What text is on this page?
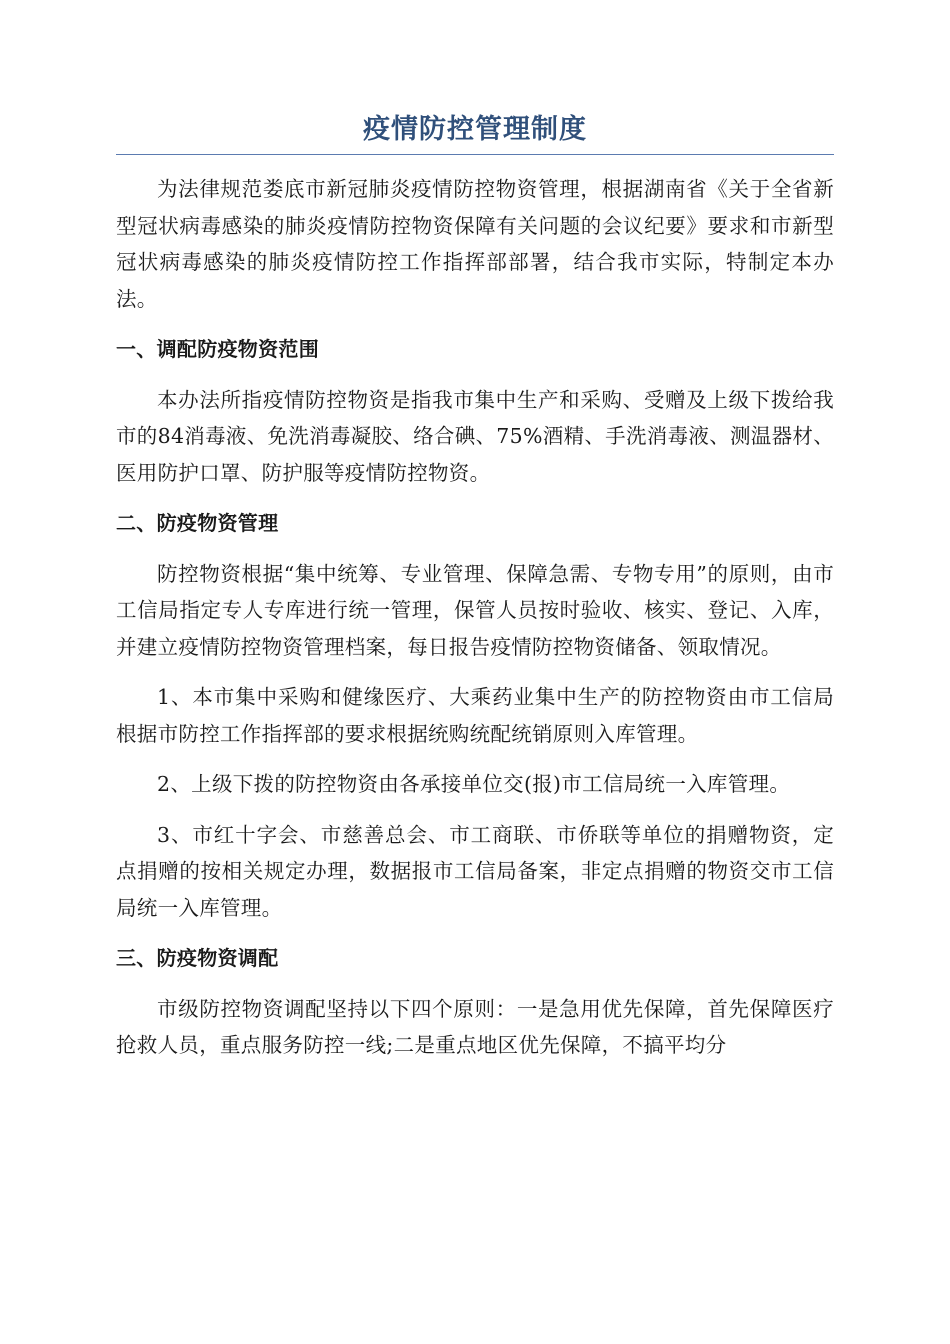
疫情防控管理制度

为法律规范娄底市新冠肺炎疫情防控物资管理，根据湖南省《关于全省新型冠状病毒感染的肺炎疫情防控物资保障有关问题的会议纪要》要求和市新型冠状病毒感染的肺炎疫情防控工作指挥部部署，结合我市实际，特制定本办法。

一、调配防疫物资范围

本办法所指疫情防控物资是指我市集中生产和采购、受赠及上级下拨给我市的84消毒液、免洗消毒凝胶、络合碘、75%酒精、手洗消毒液、测温器材、医用防护口罩、防护服等疫情防控物资。

二、防疫物资管理

防控物资根据“集中统筹、专业管理、保障急需、专物专用”的原则，由市工信局指定专人专库进行统一管理，保管人员按时验收、核实、登记、入库，并建立疫情防控物资管理档案，每日报告疫情防控物资储备、领取情况。

1、本市集中采购和健缘医疗、大乘药业集中生产的防控物资由市工信局根据市防控工作指挥部的要求根据统购统配统销原则入库管理。

2、上级下拨的防控物资由各承接单位交(报)市工信局统一入库管理。

3、市红十字会、市慈善总会、市工商联、市侨联等单位的捐赠物资，定点捐赠的按相关规定办理，数据报市工信局备案，非定点捐赠的物资交市工信局统一入库管理。

三、防疫物资调配

市级防控物资调配坚持以下四个原则：一是急用优先保障，首先保障医疗抢救人员，重点服务防控一线;二是重点地区优先保障，不搞平均分
